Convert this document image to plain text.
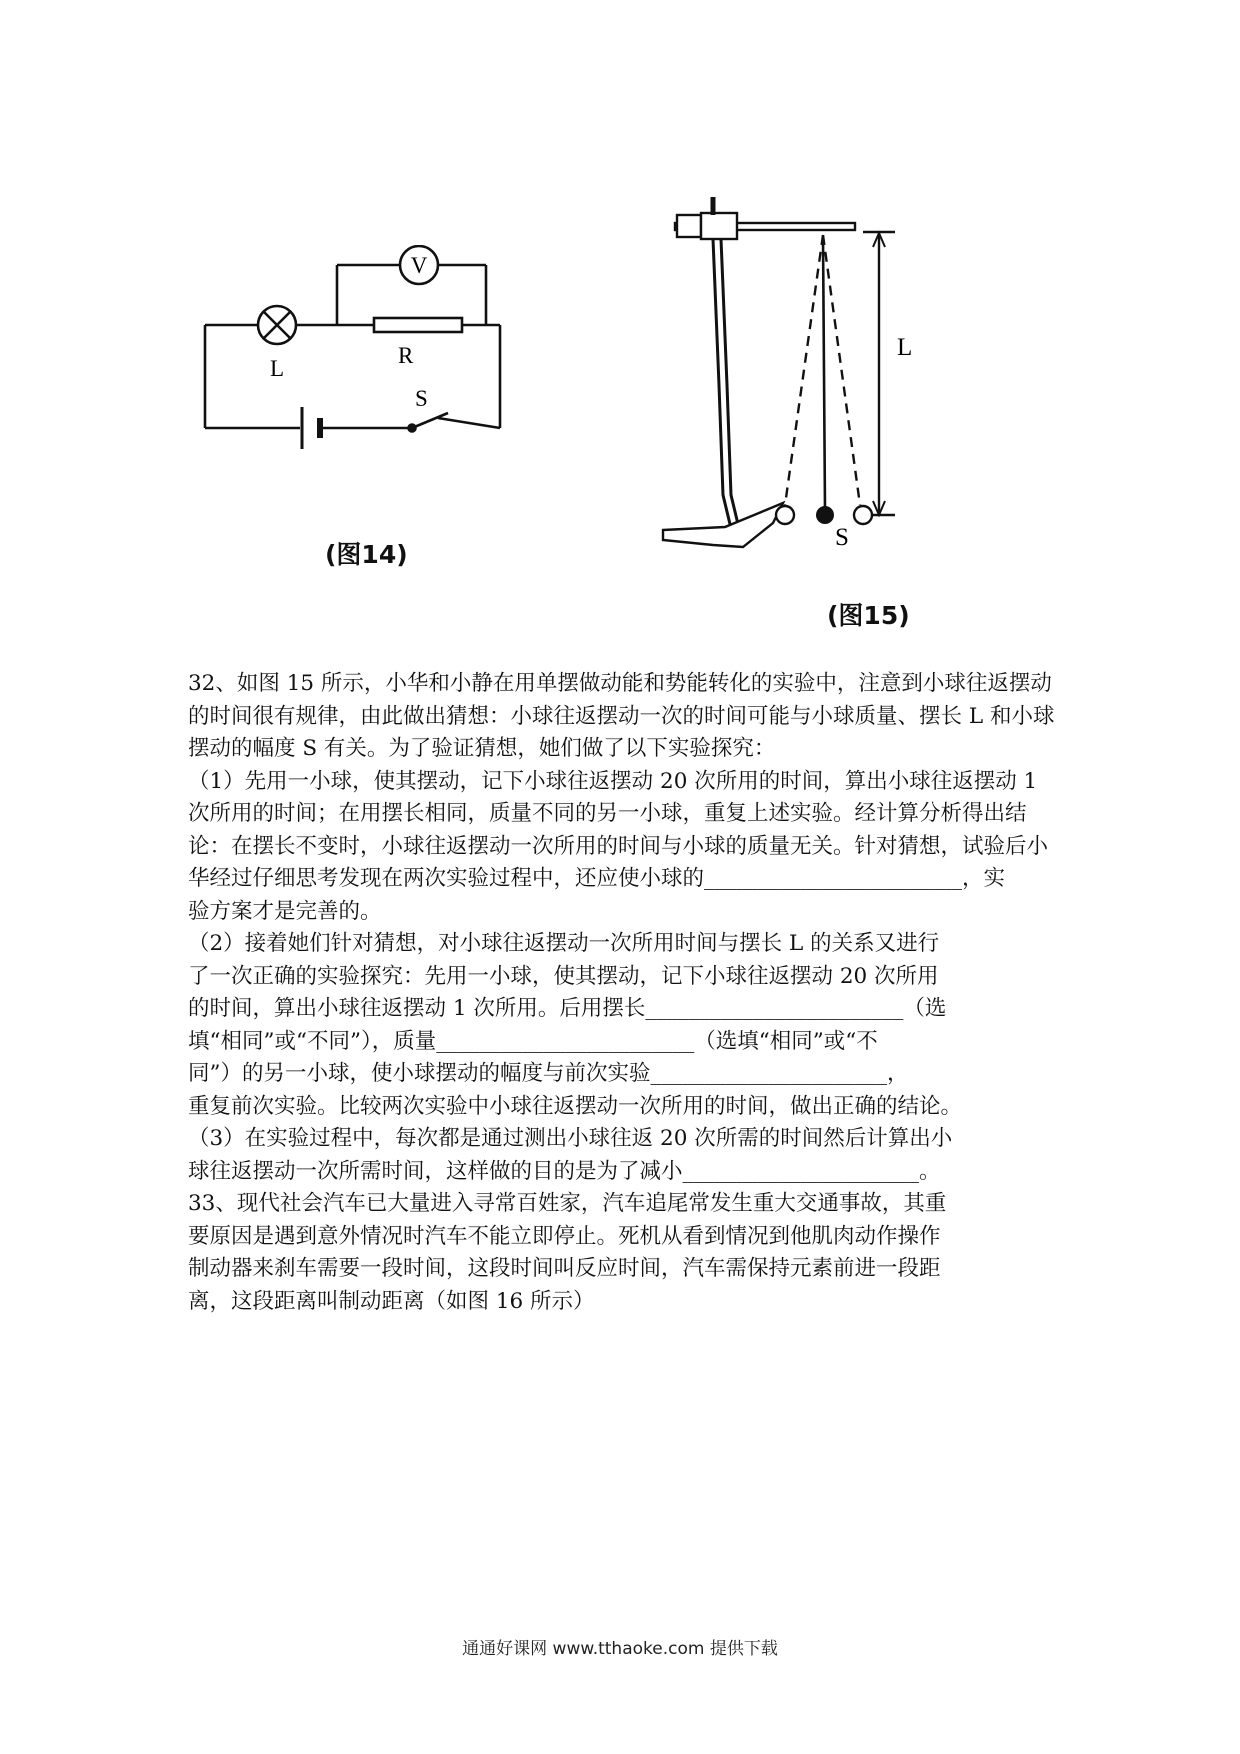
V
L
R
S
(图14)
L
S
(图15)
32、如图 15 所示，小华和小静在用单摆做动能和势能转化的实验中，注意到小球往返摆动
的时间很有规律，由此做出猜想：小球往返摆动一次的时间可能与小球质量、摆长 L 和小球
摆动的幅度 S 有关。为了验证猜想，她们做了以下实验探究：
（1）先用一小球，使其摆动，记下小球往返摆动 20 次所用的时间，算出小球往返摆动 1
次所用的时间；在用摆长相同，质量不同的另一小球，重复上述实验。经计算分析得出结
论：在摆长不变时，小球往返摆动一次所用的时间与小球的质量无关。针对猜想，试验后小
华经过仔细思考发现在两次实验过程中，还应使小球的________________________，实
验方案才是完善的。
（2）接着她们针对猜想，对小球往返摆动一次所用时间与摆长 L 的关系又进行
了一次正确的实验探究：先用一小球，使其摆动，记下小球往返摆动 20 次所用
的时间，算出小球往返摆动 1 次所用。后用摆长________________________（选
填“相同”或“不同”），质量________________________（选填“相同”或“不
同”）的另一小球，使小球摆动的幅度与前次实验______________________，
重复前次实验。比较两次实验中小球往返摆动一次所用的时间，做出正确的结论。
（3）在实验过程中，每次都是通过测出小球往返 20 次所需的时间然后计算出小
球往返摆动一次所需时间，这样做的目的是为了减小______________________。
33、现代社会汽车已大量进入寻常百姓家，汽车追尾常发生重大交通事故，其重
要原因是遇到意外情况时汽车不能立即停止。死机从看到情况到他肌肉动作操作
制动器来刹车需要一段时间，这段时间叫反应时间，汽车需保持元素前进一段距
离，这段距离叫制动距离（如图 16 所示）
通通好课网 www.tthaoke.com 提供下载
